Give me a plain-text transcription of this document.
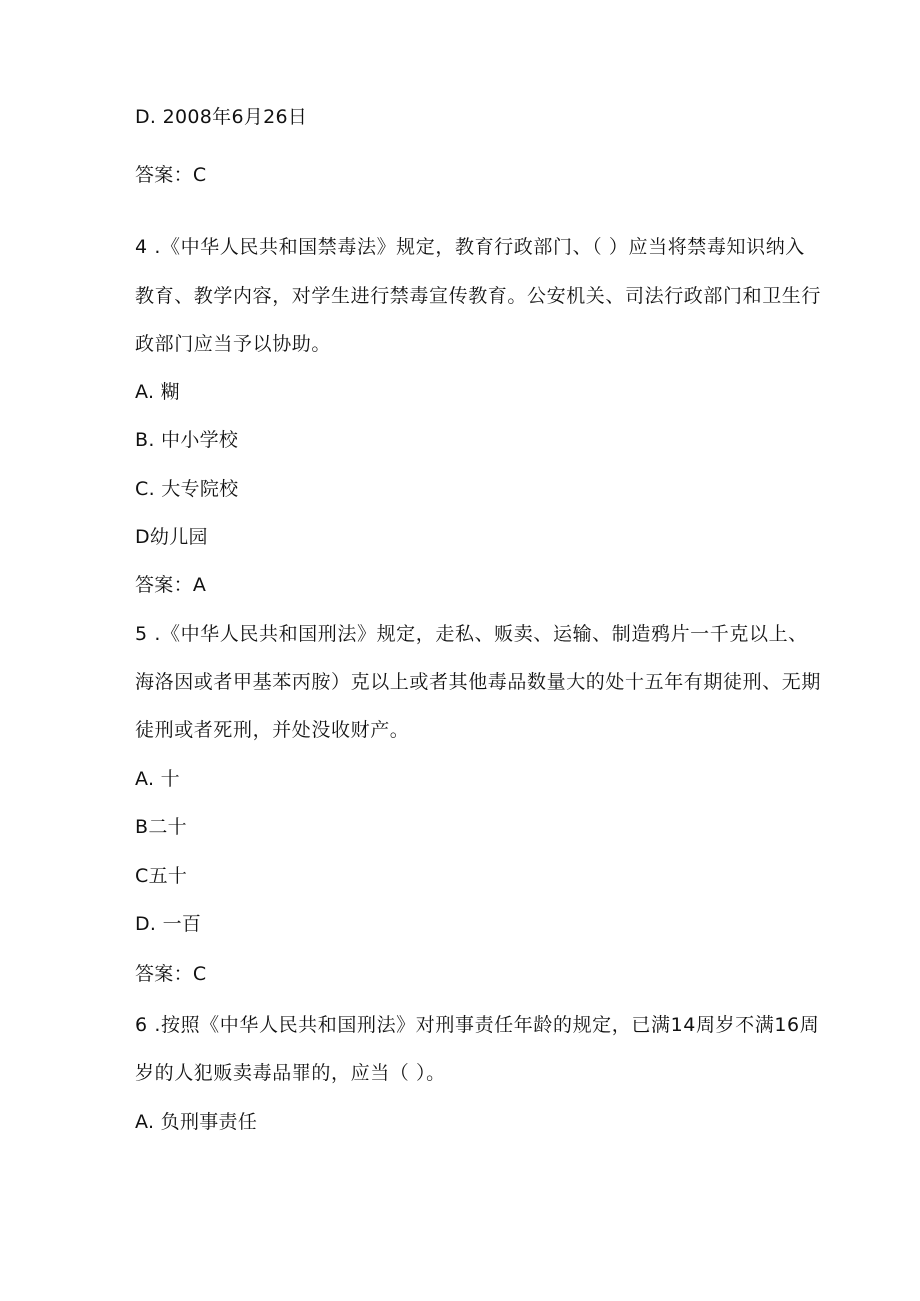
D. 2008年6月26日
答案：C
4 .《中华人民共和国禁毒法》规定，教育行政部门、（ ）应当将禁毒知识纳入
教育、教学内容，对学生进行禁毒宣传教育。公安机关、司法行政部门和卫生行
政部门应当予以协助。
A. 糊
B. 中小学校
C. 大专院校
D幼儿园
答案：A
5 .《中华人民共和国刑法》规定，走私、贩卖、运输、制造鸦片一千克以上、
海洛因或者甲基苯丙胺）克以上或者其他毒品数量大的处十五年有期徒刑、无期
徒刑或者死刑，并处没收财产。
A. 十
B二十
C五十
D. 一百
答案：C
6 .按照《中华人民共和国刑法》对刑事责任年龄的规定，已满14周岁不满16周
岁的人犯贩卖毒品罪的，应当（ ）。
A. 负刑事责任
